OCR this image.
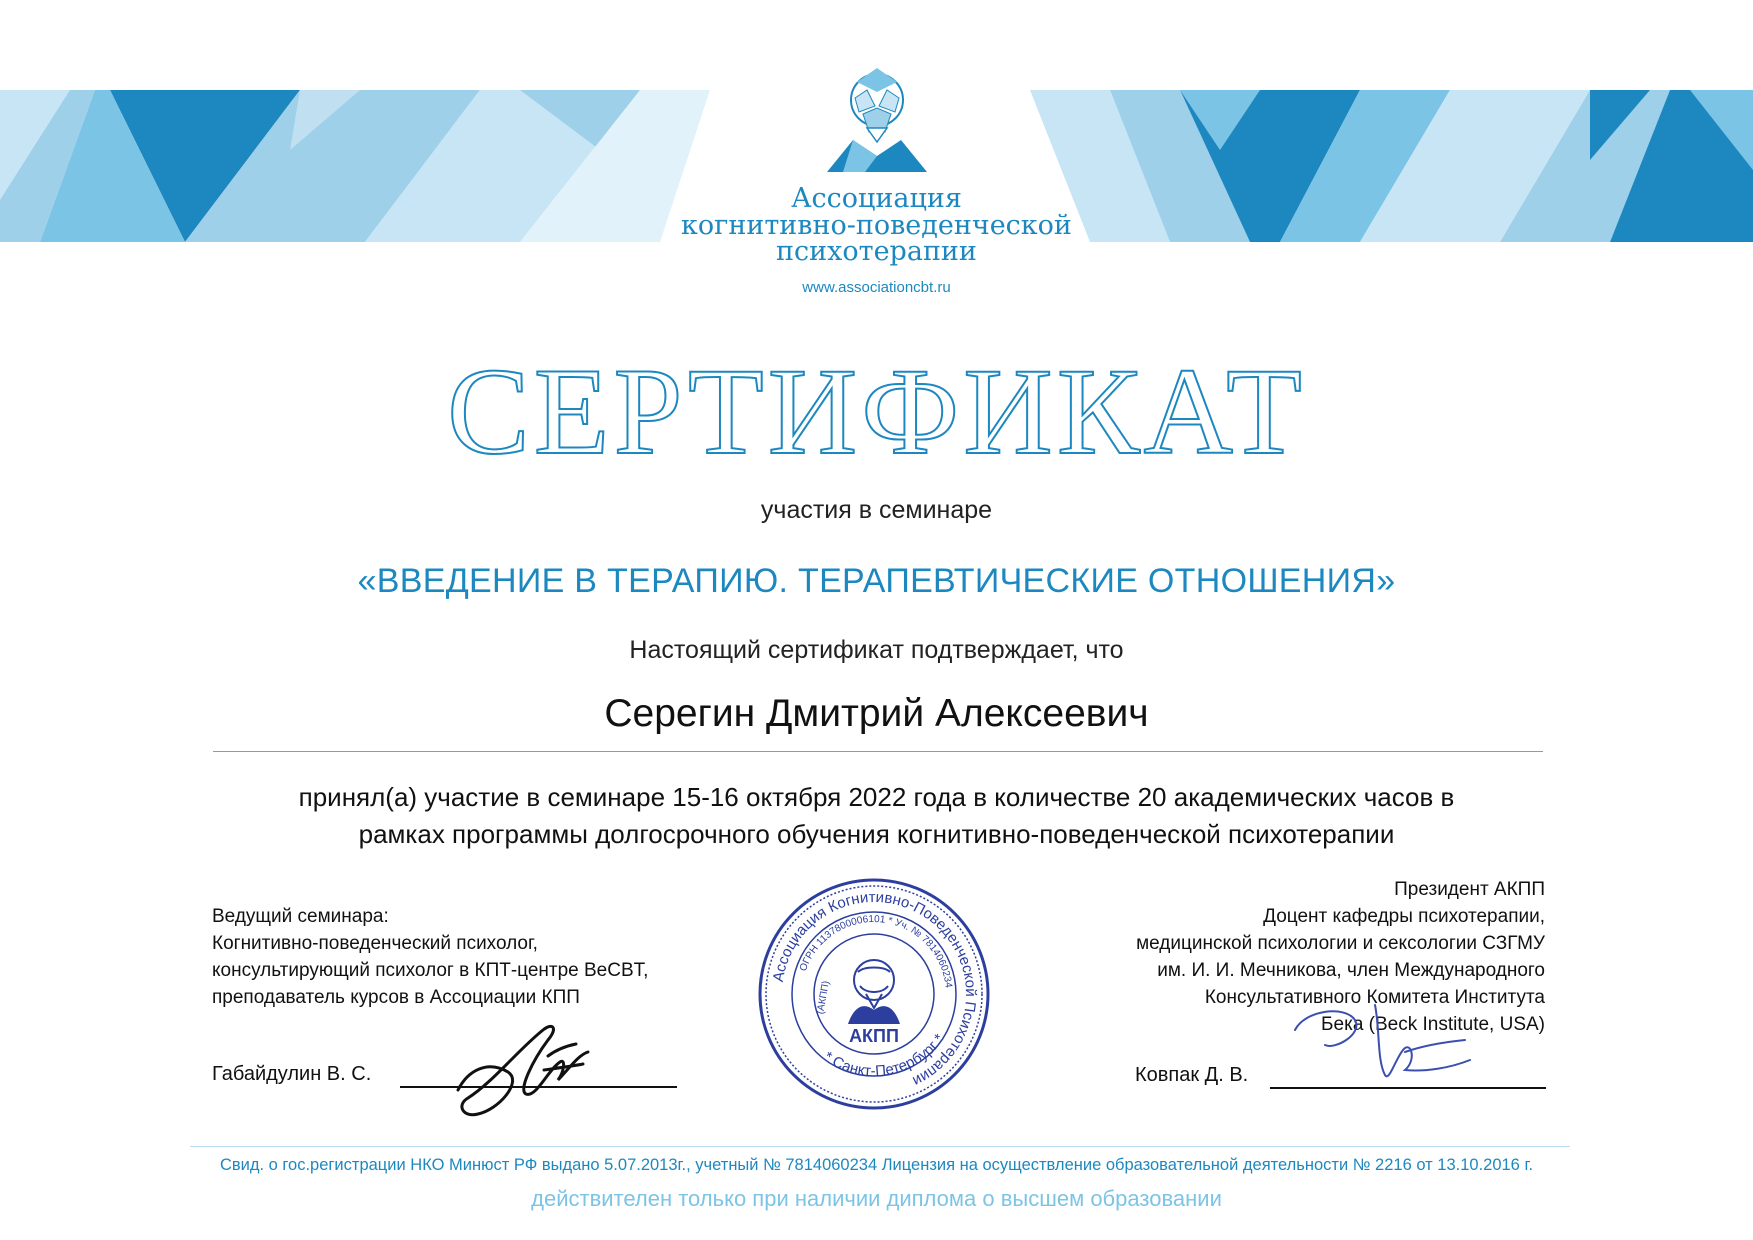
Ассоциация
когнитивно-поведенческой
психотерапии
www.associationcbt.ru
СЕРТИФИКАТ
участия в семинаре
«ВВЕДЕНИЕ В ТЕРАПИЮ. ТЕРАПЕВТИЧЕСКИЕ ОТНОШЕНИЯ»
Настоящий сертификат подтверждает, что
Серегин Дмитрий Алексеевич
принял(а) участие в семинаре 15-16 октября 2022 года в количестве 20 академических часов в
рамках программы долгосрочного обучения когнитивно-поведенческой психотерапии
Ведущий семинара:
Когнитивно-поведенческий психолог,
консультирующий психолог в КПТ-центре BeCBT,
преподаватель курсов в Ассоциации КПП
Габайдулин В. С.
Ассоциация Когнитивно-Поведенческой Психотерапии
ОГРН 1137800006101 * Уч. № 7814060234
* Санкт-Петербург *
АКПП
(АКПП)
Президент АКПП
Доцент кафедры психотерапии,
медицинской психологии и сексологии СЗГМУ
им. И. И. Мечникова, член Международного
Консультативного Комитета Института
Бека (Beck Institute, USA)
Ковпак Д. В.
Свид. о гос.регистрации НКО Минюст РФ выдано 5.07.2013г., учетный № 7814060234 Лицензия на осуществление образовательной деятельности № 2216 от 13.10.2016 г.
действителен только при наличии диплома о высшем образовании
